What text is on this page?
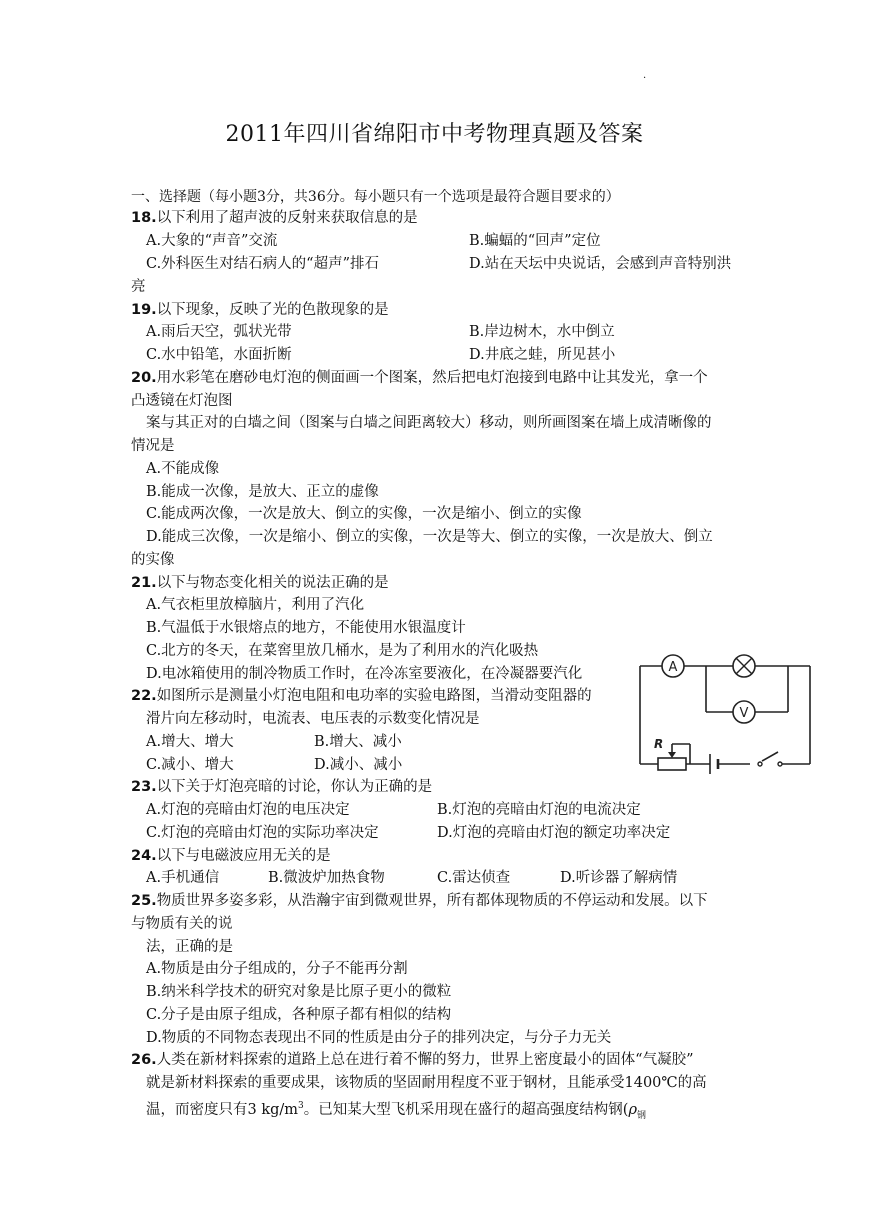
.
2011年四川省绵阳市中考物理真题及答案
一、选择题（每小题3分，共36分。每小题只有一个选项是最符合题目要求的）
18.以下利用了超声波的反射来获取信息的是
A.大象的“声音”交流	B.蝙蝠的“回声”定位
C.外科医生对结石病人的“超声”排石	D.站在天坛中央说话，会感到声音特别洪
亮
19.以下现象，反映了光的色散现象的是
A.雨后天空，弧状光带	B.岸边树木，水中倒立
C.水中铅笔，水面折断	D.井底之蛙，所见甚小
20.用水彩笔在磨砂电灯泡的侧面画一个图案，然后把电灯泡接到电路中让其发光，拿一个
凸透镜在灯泡图
案与其正对的白墙之间（图案与白墙之间距离较大）移动，则所画图案在墙上成清晰像的
情况是
A.不能成像
B.能成一次像，是放大、正立的虚像
C.能成两次像，一次是放大、倒立的实像，一次是缩小、倒立的实像
D.能成三次像，一次是缩小、倒立的实像，一次是等大、倒立的实像，一次是放大、倒立
的实像
21.以下与物态变化相关的说法正确的是
A.气衣柜里放樟脑片，利用了汽化
B.气温低于水银熔点的地方，不能使用水银温度计
C.北方的冬天，在菜窖里放几桶水，是为了利用水的汽化吸热
D.电冰箱使用的制冷物质工作时，在冷冻室要液化，在冷凝器要汽化
22.如图所示是测量小灯泡电阻和电功率的实验电路图，当滑动变阻器的
滑片向左移动时，电流表、电压表的示数变化情况是
A.增大、增大	B.增大、减小
C.减小、增大	D.减小、减小
A
V
R
23.以下关于灯泡亮暗的讨论，你认为正确的是
A.灯泡的亮暗由灯泡的电压决定	B.灯泡的亮暗由灯泡的电流决定
C.灯泡的亮暗由灯泡的实际功率决定	D.灯泡的亮暗由灯泡的额定功率决定
24.以下与电磁波应用无关的是
A.手机通信	B.微波炉加热食物	C.雷达侦查	D.听诊器了解病情
25.物质世界多姿多彩，从浩瀚宇宙到微观世界，所有都体现物质的不停运动和发展。以下
与物质有关的说
法，正确的是
A.物质是由分子组成的，分子不能再分割
B.纳米科学技术的研究对象是比原子更小的微粒
C.分子是由原子组成，各种原子都有相似的结构
D.物质的不同物态表现出不同的性质是由分子的排列决定，与分子力无关
26.人类在新材料探索的道路上总在进行着不懈的努力，世界上密度最小的固体“气凝胶”
就是新材料探索的重要成果，该物质的坚固耐用程度不亚于钢材，且能承受1400℃的高
温，而密度只有3 $kg/m^3$。已知某大型飞机采用现在盛行的超高强度结构钢($\rho_钢$
